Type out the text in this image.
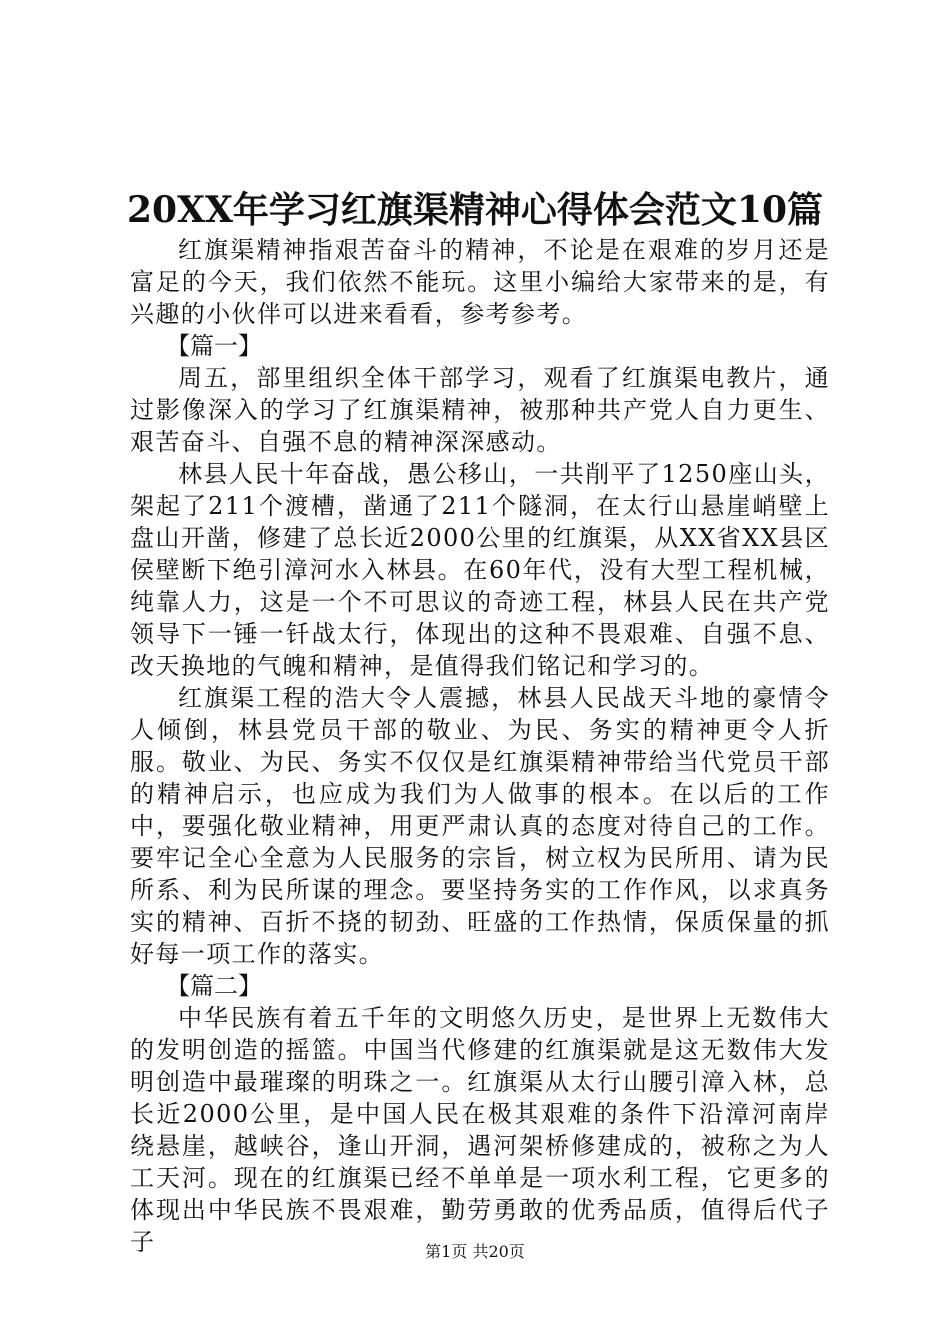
20XX年学习红旗渠精神心得体会范文10篇

红旗渠精神指艰苦奋斗的精神，不论是在艰难的岁月还是富足的今天，我们依然不能玩。这里小编给大家带来的是，有兴趣的小伙伴可以进来看看，参考参考。

【篇一】

周五，部里组织全体干部学习，观看了红旗渠电教片，通过影像深入的学习了红旗渠精神，被那种共产党人自力更生、艰苦奋斗、自强不息的精神深深感动。

林县人民十年奋战，愚公移山，一共削平了1250座山头，架起了211个渡槽，凿通了211个隧洞，在太行山悬崖峭壁上盘山开凿，修建了总长近2000公里的红旗渠，从XX省XX县区侯壁断下绝引漳河水入林县。在60年代，没有大型工程机械，纯靠人力，这是一个不可思议的奇迹工程，林县人民在共产党领导下一锤一钎战太行，体现出的这种不畏艰难、自强不息、改天换地的气魄和精神，是值得我们铭记和学习的。

红旗渠工程的浩大令人震撼，林县人民战天斗地的豪情令人倾倒，林县党员干部的敬业、为民、务实的精神更令人折服。敬业、为民、务实不仅仅是红旗渠精神带给当代党员干部的精神启示，也应成为我们为人做事的根本。在以后的工作中，要强化敬业精神，用更严肃认真的态度对待自己的工作。要牢记全心全意为人民服务的宗旨，树立权为民所用、请为民所系、利为民所谋的理念。要坚持务实的工作作风，以求真务实的精神、百折不挠的韧劲、旺盛的工作热情，保质保量的抓好每一项工作的落实。

【篇二】

中华民族有着五千年的文明悠久历史，是世界上无数伟大的发明创造的摇篮。中国当代修建的红旗渠就是这无数伟大发明创造中最璀璨的明珠之一。红旗渠从太行山腰引漳入林，总长近2000公里，是中国人民在极其艰难的条件下沿漳河南岸绕悬崖，越峡谷，逢山开洞，遇河架桥修建成的，被称之为人工天河。现在的红旗渠已经不单单是一项水利工程，它更多的体现出中华民族不畏艰难，勤劳勇敢的优秀品质，值得后代子子	第1页 共20页
